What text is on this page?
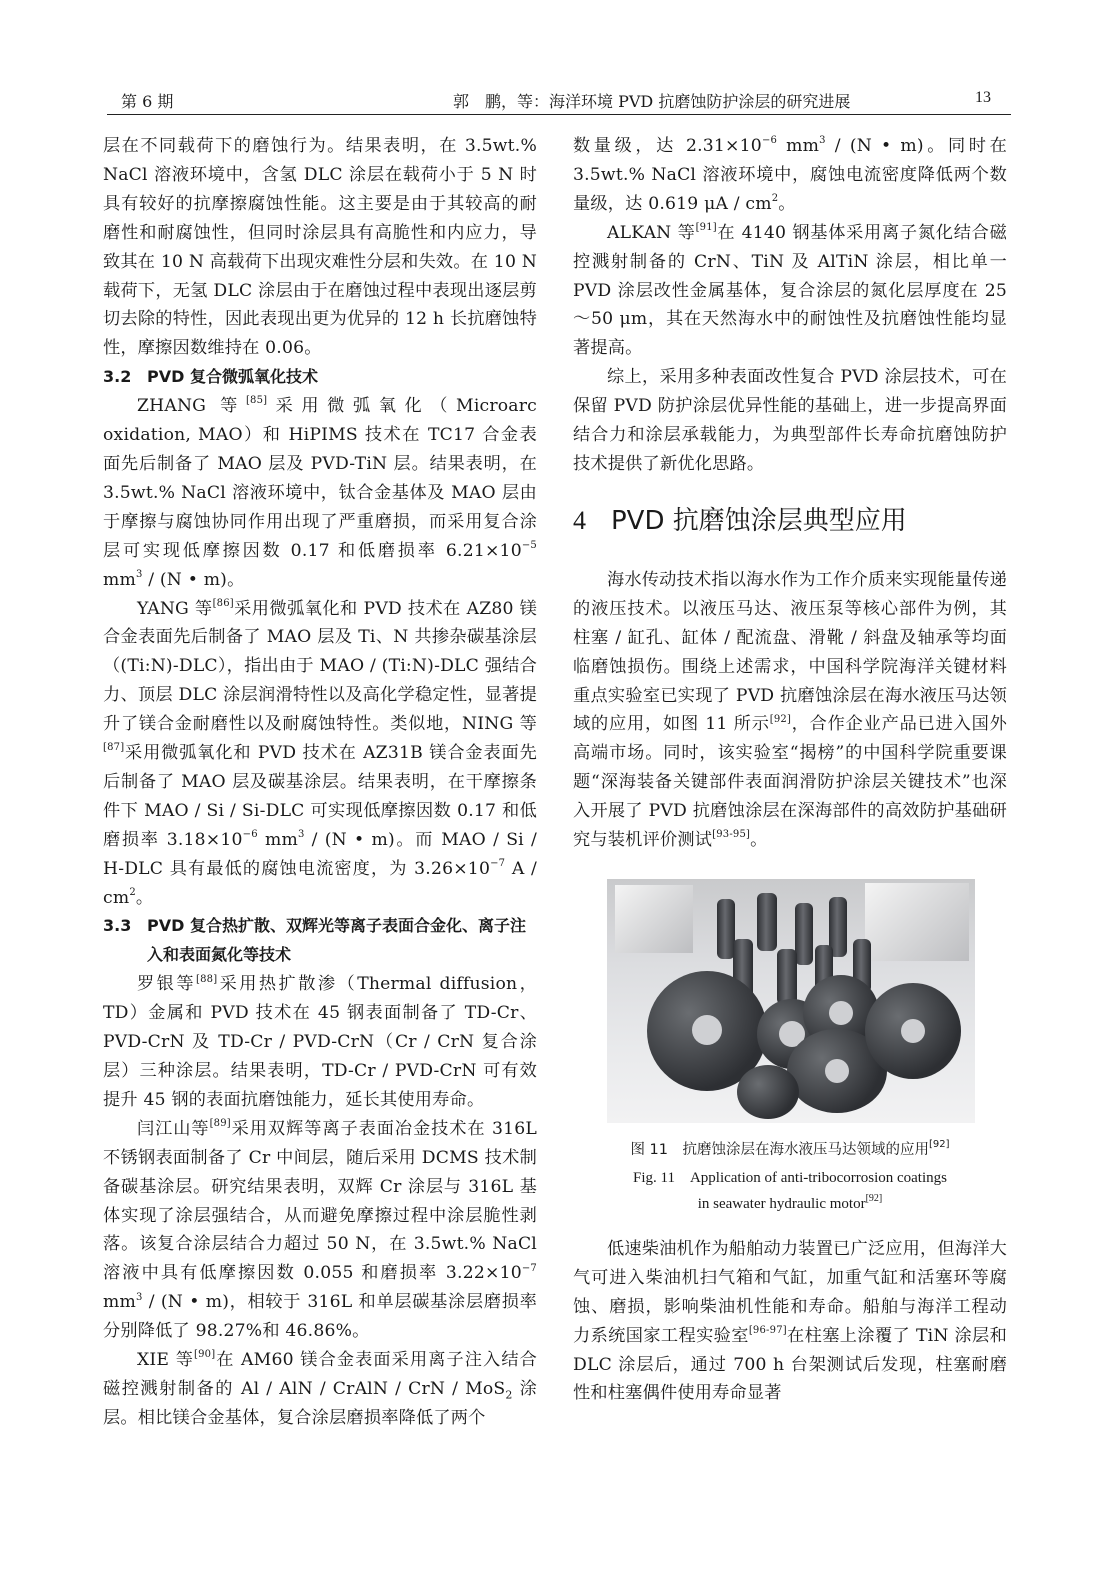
第 6 期	郭　鹏，等：海洋环境 PVD 抗磨蚀防护涂层的研究进展	13

层在不同载荷下的磨蚀行为。结果表明，在 3.5wt.% NaCl 溶液环境中，含氢 DLC 涂层在载荷小于 5 N 时具有较好的抗摩擦腐蚀性能。这主要是由于其较高的耐磨性和耐腐蚀性，但同时涂层具有高脆性和内应力，导致其在 10 N 高载荷下出现灾难性分层和失效。在 10 N 载荷下，无氢 DLC 涂层由于在磨蚀过程中表现出逐层剪切去除的特性，因此表现出更为优异的 12 h 长抗磨蚀特性，摩擦因数维持在 0.06。

3.2 PVD 复合微弧氧化技术

ZHANG 等[85]采用微弧氧化（Microarc oxidation, MAO）和 HiPIMS 技术在 TC17 合金表面先后制备了 MAO 层及 PVD-TiN 层。结果表明，在 3.5wt.% NaCl 溶液环境中，钛合金基体及 MAO 层由于摩擦与腐蚀协同作用出现了严重磨损，而采用复合涂层可实现低摩擦因数 0.17 和低磨损率 $6.21\times 10^{-5}$ $mm^3 / (N$ • m)。

YANG 等[86]采用微弧氧化和 PVD 技术在 AZ80 镁合金表面先后制备了 MAO 层及 Ti、N 共掺杂碳基涂层（(Ti:N)-DLC），指出由于 MAO / (Ti:N)-DLC 强结合力、顶层 DLC 涂层润滑特性以及高化学稳定性，显著提升了镁合金耐磨性以及耐腐蚀特性。类似地，NING 等[87]采用微弧氧化和 PVD 技术在 AZ31B 镁合金表面先后制备了 MAO 层及碳基涂层。结果表明，在干摩擦条件下 MAO / Si / Si-DLC 可实现低摩擦因数 0.17 和低磨损率 $3.18\times 10^{-6}$ $mm^3 / (N$ • m)。而 MAO / Si / H-DLC 具有最低的腐蚀电流密度，为 $3.26\times 10^{-7}$ A / $cm^2$。

3.3 PVD 复合热扩散、双辉光等离子表面合金化、离子注入和表面氮化等技术

罗银等[88]采用热扩散渗（Thermal diffusion，TD）金属和 PVD 技术在 45 钢表面制备了 TD-Cr、PVD-CrN 及 TD-Cr / PVD-CrN（Cr / CrN 复合涂层）三种涂层。结果表明，TD-Cr / PVD-CrN 可有效提升 45 钢的表面抗磨蚀能力，延长其使用寿命。

闫江山等[89]采用双辉等离子表面冶金技术在 316L 不锈钢表面制备了 Cr 中间层，随后采用 DCMS 技术制备碳基涂层。研究结果表明，双辉 Cr 涂层与 316L 基体实现了涂层强结合，从而避免摩擦过程中涂层脆性剥落。该复合涂层结合力超过 50 N，在 3.5wt.% NaCl 溶液中具有低摩擦因数 0.055 和磨损率 $3.22\times 10^{-7}$ $mm^3 / (N$ • m)，相较于 316L 和单层碳基涂层磨损率分别降低了 98.27%和 46.86%。

XIE 等[90]在 AM60 镁合金表面采用离子注入结合磁控溅射制备的 Al / AlN / CrAlN / CrN / MoS$_2$ 涂层。相比镁合金基体，复合涂层磨损率降低了两个

数量级，达 $2.31\times 10^{-6}$ $mm^3 / (N$ • m)。同时在 3.5wt.% NaCl 溶液环境中，腐蚀电流密度降低两个数量级，达 0.619 μA / $cm^2$。

ALKAN 等[91]在 4140 钢基体采用离子氮化结合磁控溅射制备的 CrN、TiN 及 AlTiN 涂层，相比单一 PVD 涂层改性金属基体，复合涂层的氮化层厚度在 25～50 μm，其在天然海水中的耐蚀性及抗磨蚀性能均显著提高。

综上，采用多种表面改性复合 PVD 涂层技术，可在保留 PVD 防护涂层优异性能的基础上，进一步提高界面结合力和涂层承载能力，为典型部件长寿命抗磨蚀防护技术提供了新优化思路。

4 PVD 抗磨蚀涂层典型应用

海水传动技术指以海水作为工作介质来实现能量传递的液压技术。以液压马达、液压泵等核心部件为例，其柱塞 / 缸孔、缸体 / 配流盘、滑靴 / 斜盘及轴承等均面临磨蚀损伤。围绕上述需求，中国科学院海洋关键材料重点实验室已实现了 PVD 抗磨蚀涂层在海水液压马达领域的应用，如图 11 所示[92]，合作企业产品已进入国外高端市场。同时，该实验室“揭榜”的中国科学院重要课题“深海装备关键部件表面润滑防护涂层关键技术”也深入开展了 PVD 抗磨蚀涂层在深海部件的高效防护基础研究与装机评价测试[93-95]。

图 11　抗磨蚀涂层在海水液压马达领域的应用[92]
Fig. 11　Application of anti-tribocorrosion coatings
in seawater hydraulic motor[92]

低速柴油机作为船舶动力装置已广泛应用，但海洋大气可进入柴油机扫气箱和气缸，加重气缸和活塞环等腐蚀、磨损，影响柴油机性能和寿命。船舶与海洋工程动力系统国家工程实验室[96-97]在柱塞上涂覆了 TiN 涂层和 DLC 涂层后，通过 700 h 台架测试后发现，柱塞耐磨性和柱塞偶件使用寿命显著
